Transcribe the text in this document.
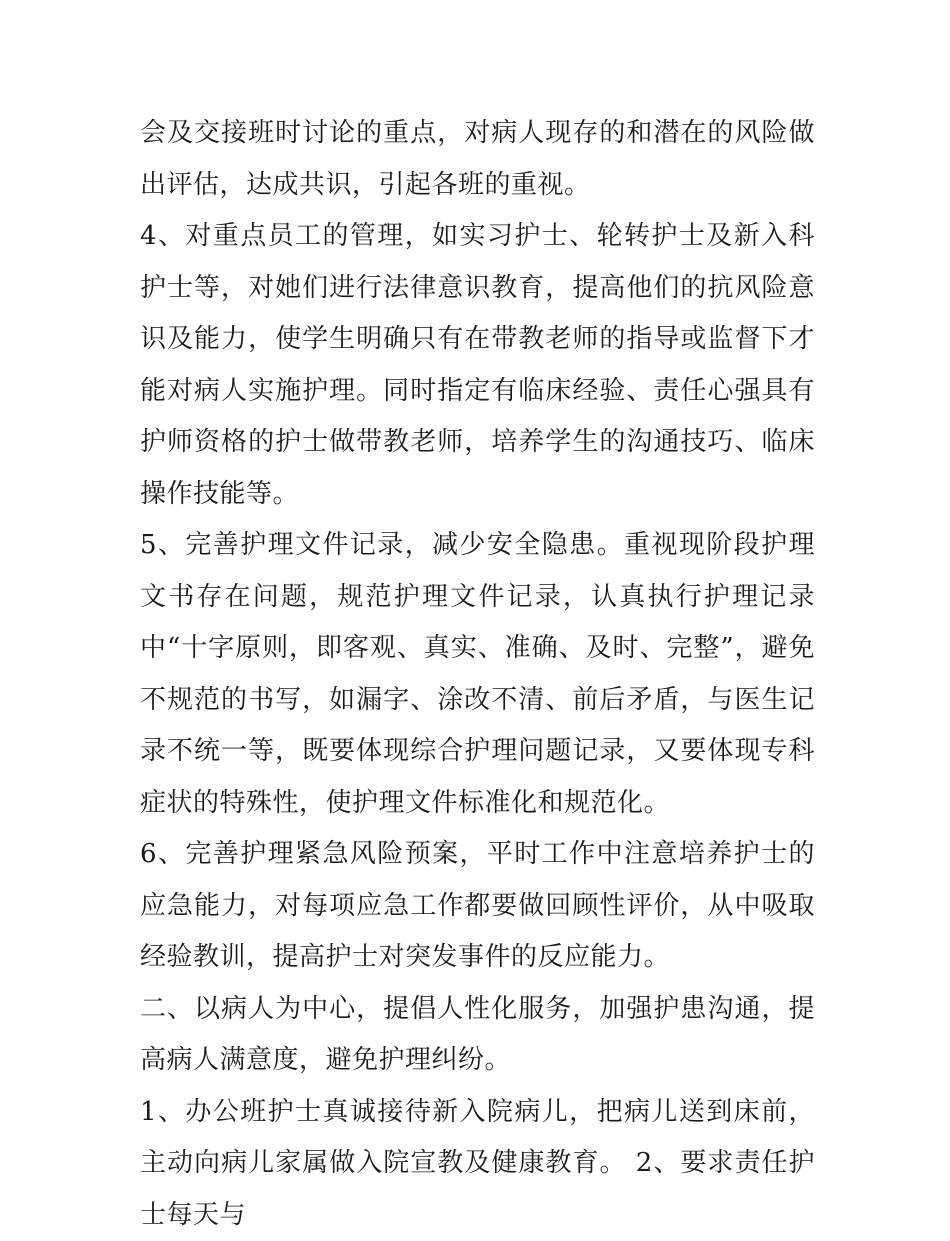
会及交接班时讨论的重点，对病人现存的和潜在的风险做出评估，达成共识，引起各班的重视。

4、对重点员工的管理，如实习护士、轮转护士及新入科护士等，对她们进行法律意识教育，提高他们的抗风险意识及能力，使学生明确只有在带教老师的指导或监督下才能对病人实施护理。同时指定有临床经验、责任心强具有护师资格的护士做带教老师，培养学生的沟通技巧、临床操作技能等。

5、完善护理文件记录，减少安全隐患。重视现阶段护理文书存在问题，规范护理文件记录，认真执行护理记录中“十字原则，即客观、真实、准确、及时、完整”，避免不规范的书写，如漏字、涂改不清、前后矛盾，与医生记录不统一等，既要体现综合护理问题记录，又要体现专科症状的特殊性，使护理文件标准化和规范化。

6、完善护理紧急风险预案，平时工作中注意培养护士的应急能力，对每项应急工作都要做回顾性评价，从中吸取经验教训，提高护士对突发事件的反应能力。

二、以病人为中心，提倡人性化服务，加强护患沟通，提高病人满意度，避免护理纠纷。

1、办公班护士真诚接待新入院病儿，把病儿送到床前，主动向病儿家属做入院宣教及健康教育。 2、要求责任护士每天与
